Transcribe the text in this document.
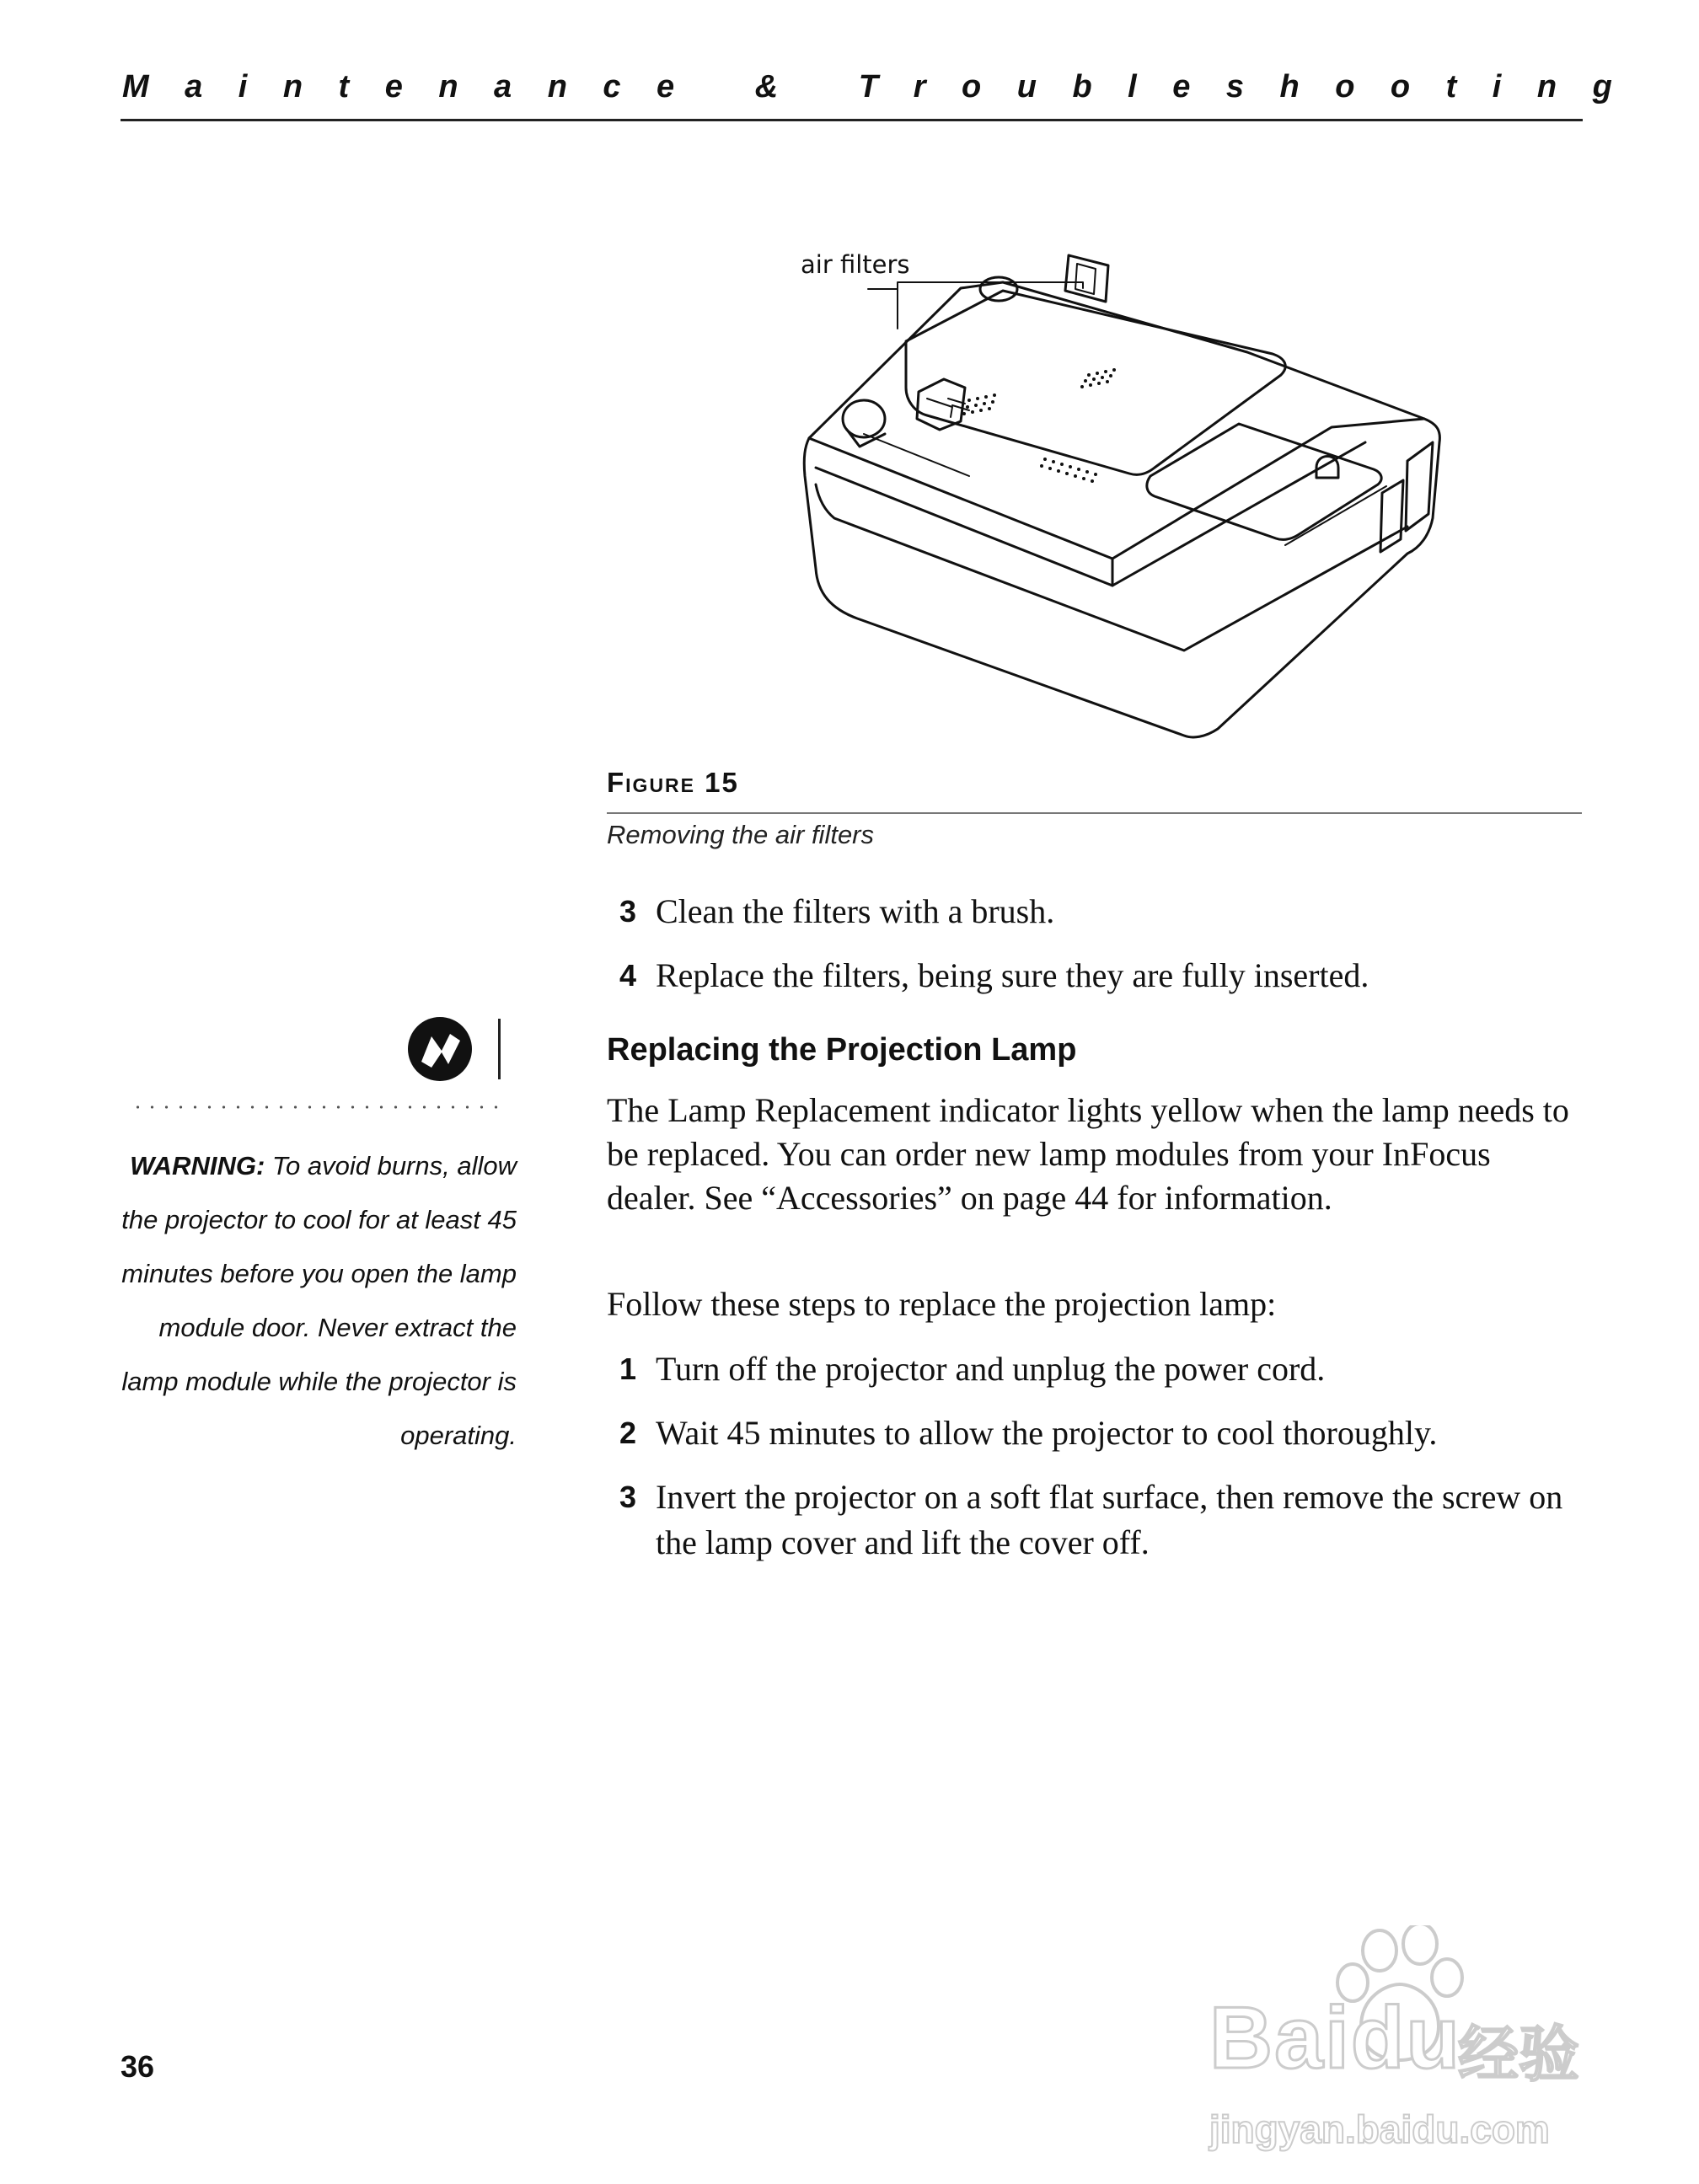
Maintenance & Troubleshooting
air filters
Figure 15
Removing the air filters
3 Clean the filters with a brush.
4 Replace the filters, being sure they are fully inserted.
WARNING: To avoid burns, allow the projector to cool for at least 45 minutes before you open the lamp module door. Never extract the lamp module while the projector is operating.
Replacing the Projection Lamp
The Lamp Replacement indicator lights yellow when the lamp needs to be replaced. You can order new lamp modules from your InFocus dealer. See “Accessories” on page 44 for information.
Follow these steps to replace the projection lamp:
1 Turn off the projector and unplug the power cord.
2 Wait 45 minutes to allow the projector to cool thoroughly.
3 Invert the projector on a soft flat surface, then remove the screw on the lamp cover and lift the cover off.
36	Baidu
经验
jingyan.baidu.com
